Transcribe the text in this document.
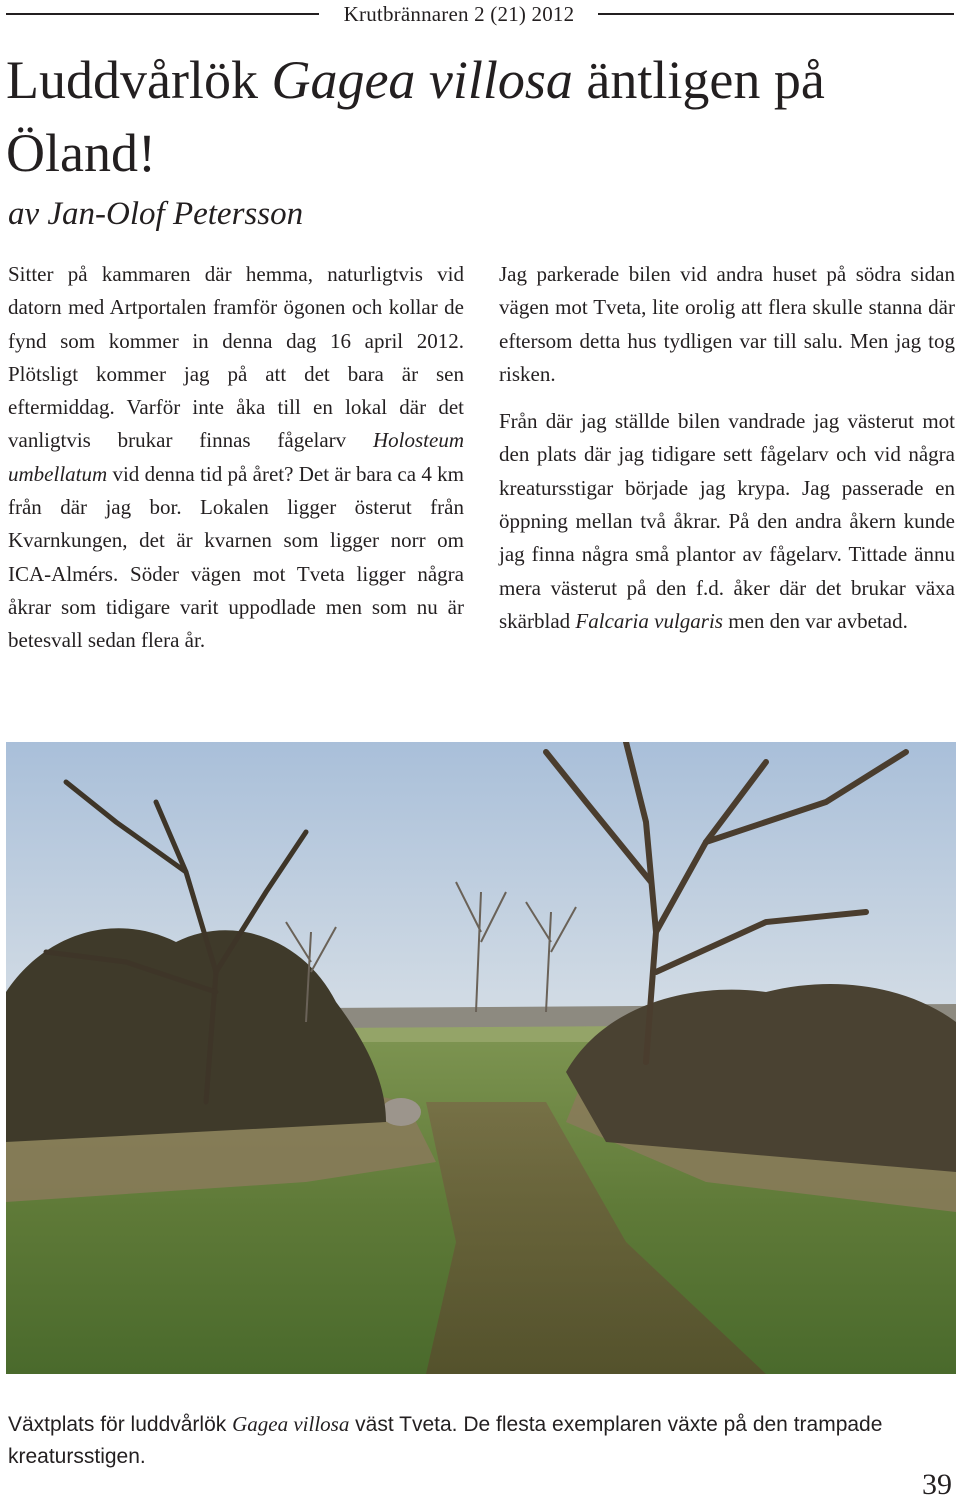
Krutbrännaren 2 (21) 2012
Luddvårlök Gagea villosa äntligen på Öland!
av Jan-Olof Petersson

Sitter på kammaren där hemma, naturligtvis vid datorn med Artportalen framför ögonen och kollar de fynd som kommer in denna dag 16 april 2012. Plötsligt kommer jag på att det bara är sen eftermiddag. Varför inte åka till en lokal där det vanligtvis brukar finnas fågelarv Holosteum umbellatum vid denna tid på året? Det är bara ca 4 km från där jag bor. Lokalen ligger österut från Kvarnkungen, det är kvarnen som ligger norr om ICA-Almérs. Söder vägen mot Tveta ligger några åkrar som tidigare varit uppodlade men som nu är betesvall sedan flera år.

Jag parkerade bilen vid andra huset på södra sidan vägen mot Tveta, lite orolig att flera skulle stanna där eftersom detta hus tydligen var till salu. Men jag tog risken.

Från där jag ställde bilen vandrade jag västerut mot den plats där jag tidigare sett fågelarv och vid några kreatursstigar började jag krypa. Jag passerade en öppning mellan två åkrar. På den andra åkern kunde jag finna några små plantor av fågelarv. Tittade ännu mera västerut på den f.d. åker där det brukar växa skärblad Falcaria vulgaris men den var avbetad.

Växtplats för luddvårlök Gagea villosa väst Tveta. De flesta exemplaren växte på den trampade kreatursstigen.
39
